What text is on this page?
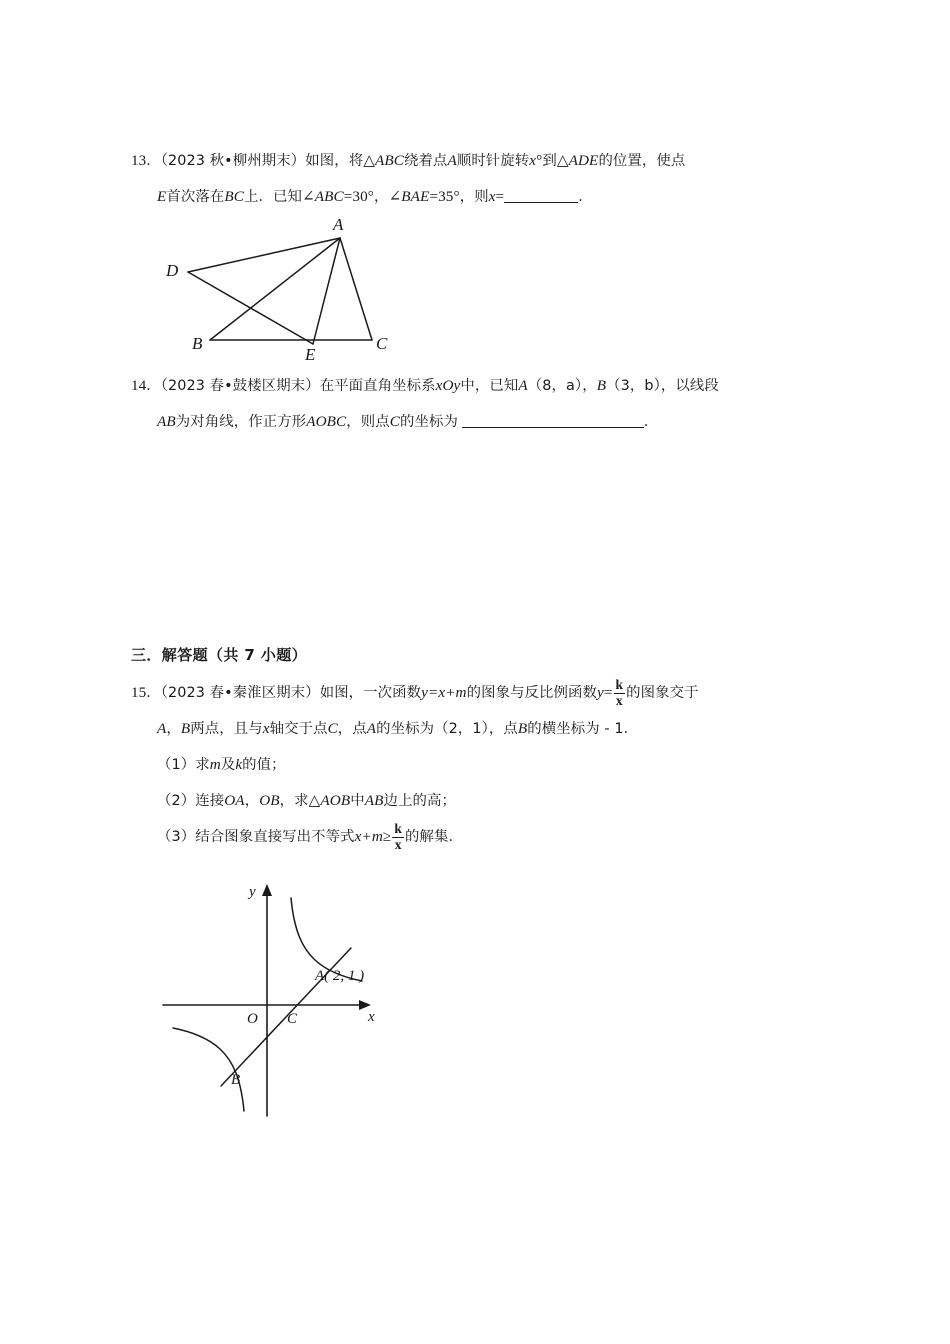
13．（2023 秋•柳州期末）如图，将△ABC绕着点A顺时针旋转x°到△ADE的位置，使点
E首次落在BC上．已知∠ABC=30°，∠BAE=35°，则x=	．
A
D
B
E
C
14．（2023 春•鼓楼区期末）在平面直角坐标系xOy中，已知A（8，a），B（3，b），以线段
AB为对角线，作正方形AOBC，则点C的坐标为	．
三．解答题（共 7 小题）
15．（2023 春•秦淮区期末）如图，一次函数y=x+m的图象与反比例函数$y= \frac{k}{x}$ 的图象交于
A，B两点，且与x轴交于点C，点A的坐标为（2，1），点B的横坐标为 - 1．
（1）求m及k的值；
（2）连接OA，OB，求△AOB中AB边上的高；
（3）结合图象直接写出不等式$x+m\ge \frac{k}{x}$ 的解集．
y
x
O C
A( 2, 1 )
B
